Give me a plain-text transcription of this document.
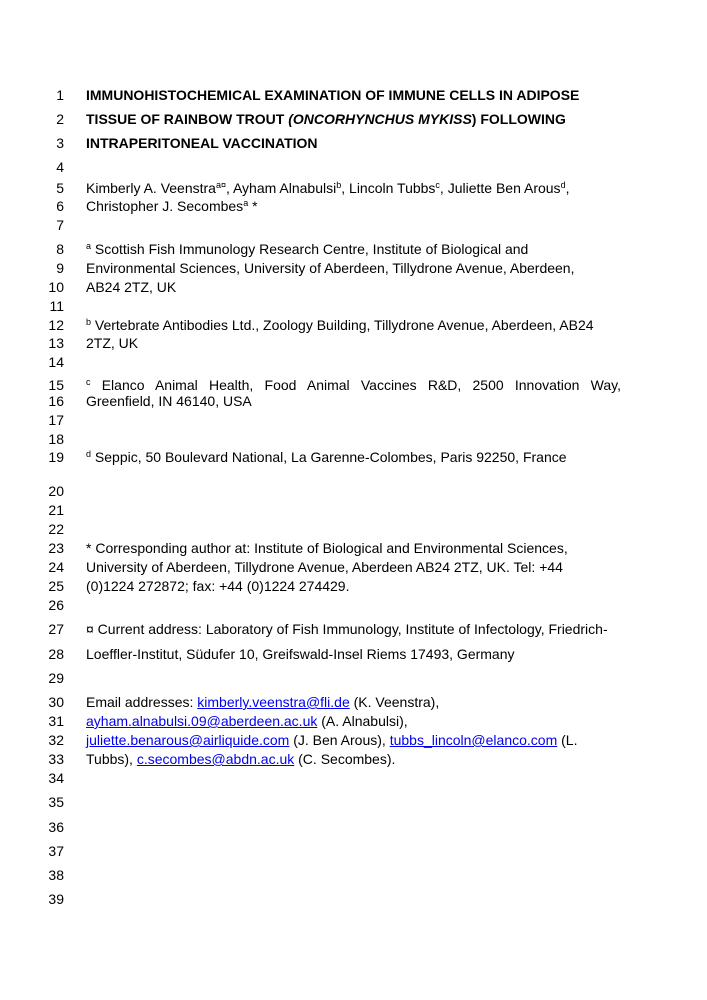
1
2
3
4
5
6
7
8
9
10
11
12
13
14
15
16
17
18
19
20
21
22
23
24
25
26
27
28
29
30
31
32
33
34
35
36
37
38
39
IMMUNOHISTOCHEMICAL EXAMINATION OF IMMUNE CELLS IN ADIPOSE
TISSUE OF RAINBOW TROUT (ONCORHYNCHUS MYKISS) FOLLOWING
INTRAPERITONEAL VACCINATION
Kimberly A. Veenstra$^{a¤}$, Ayham Alnabulsi$^b$, Lincoln Tubbs$^c$, Juliette Ben Arous$^d$,
Christopher J. Secombes$^a$ *
$^a$ Scottish Fish Immunology Research Centre, Institute of Biological and
Environmental Sciences, University of Aberdeen, Tillydrone Avenue, Aberdeen,
AB24 2TZ, UK
$^b$ Vertebrate Antibodies Ltd., Zoology Building, Tillydrone Avenue, Aberdeen, AB24
2TZ, UK
$^c$ Elanco Animal Health, Food Animal Vaccines R&D, 2500 Innovation Way,
Greenfield, IN 46140, USA
$^d$ Seppic, 50 Boulevard National, La Garenne-Colombes, Paris 92250, France
* Corresponding author at: Institute of Biological and Environmental Sciences,
University of Aberdeen, Tillydrone Avenue, Aberdeen AB24 2TZ, UK. Tel: +44
(0)1224 272872; fax: +44 (0)1224 274429.
¤ Current address: Laboratory of Fish Immunology, Institute of Infectology, Friedrich-
Loeffler-Institut, Südufer 10, Greifswald-Insel Riems 17493, Germany
Email addresses: kimberly.veenstra@fli.de (K. Veenstra),
ayham.alnabulsi.09@aberdeen.ac.uk (A. Alnabulsi),
juliette.benarous@airliquide.com (J. Ben Arous), tubbs_lincoln@elanco.com (L.
Tubbs), c.secombes@abdn.ac.uk (C. Secombes).
